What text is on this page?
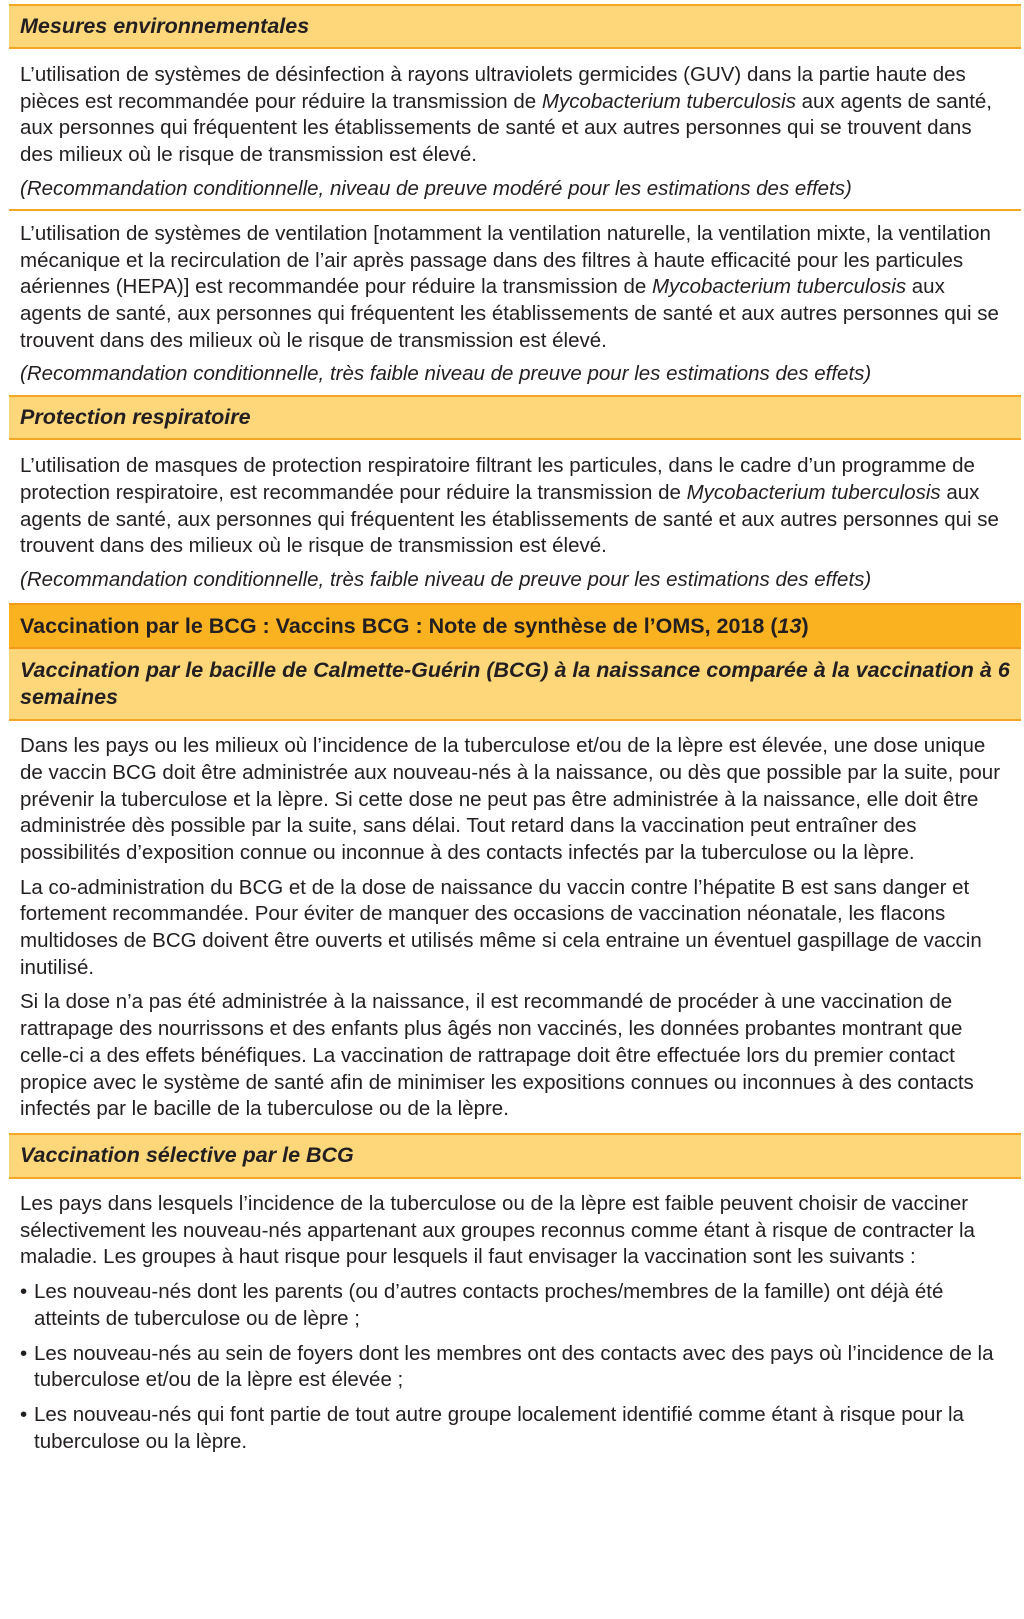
Mesures environnementales

L’utilisation de systèmes de désinfection à rayons ultraviolets germicides (GUV) dans la partie haute des pièces est recommandée pour réduire la transmission de Mycobacterium tuberculosis aux agents de santé, aux personnes qui fréquentent les établissements de santé et aux autres personnes qui se trouvent dans des milieux où le risque de transmission est élevé.

(Recommandation conditionnelle, niveau de preuve modéré pour les estimations des effets)

L’utilisation de systèmes de ventilation [notamment la ventilation naturelle, la ventilation mixte, la ventilation mécanique et la recirculation de l’air après passage dans des filtres à haute efficacité pour les particules aériennes (HEPA)] est recommandée pour réduire la transmission de Mycobacterium tuberculosis aux agents de santé, aux personnes qui fréquentent les établissements de santé et aux autres personnes qui se trouvent dans des milieux où le risque de transmission est élevé.

(Recommandation conditionnelle, très faible niveau de preuve pour les estimations des effets)

Protection respiratoire

L’utilisation de masques de protection respiratoire filtrant les particules, dans le cadre d’un programme de protection respiratoire, est recommandée pour réduire la transmission de Mycobacterium tuberculosis aux agents de santé, aux personnes qui fréquentent les établissements de santé et aux autres personnes qui se trouvent dans des milieux où le risque de transmission est élevé.

(Recommandation conditionnelle, très faible niveau de preuve pour les estimations des effets)

Vaccination par le BCG : Vaccins BCG : Note de synthèse de l’OMS, 2018 (13)
Vaccination par le bacille de Calmette-Guérin (BCG) à la naissance comparée à la vaccination à 6 semaines

Dans les pays ou les milieux où l’incidence de la tuberculose et/ou de la lèpre est élevée, une dose unique de vaccin BCG doit être administrée aux nouveau-nés à la naissance, ou dès que possible par la suite, pour prévenir la tuberculose et la lèpre. Si cette dose ne peut pas être administrée à la naissance, elle doit être administrée dès possible par la suite, sans délai. Tout retard dans la vaccination peut entraîner des possibilités d’exposition connue ou inconnue à des contacts infectés par la tuberculose ou la lèpre.

La co-administration du BCG et de la dose de naissance du vaccin contre l’hépatite B est sans danger et fortement recommandée. Pour éviter de manquer des occasions de vaccination néonatale, les flacons multidoses de BCG doivent être ouverts et utilisés même si cela entraine un éventuel gaspillage de vaccin inutilisé.

Si la dose n’a pas été administrée à la naissance, il est recommandé de procéder à une vaccination de rattrapage des nourrissons et des enfants plus âgés non vaccinés, les données probantes montrant que celle-ci a des effets bénéfiques. La vaccination de rattrapage doit être effectuée lors du premier contact propice avec le système de santé afin de minimiser les expositions connues ou inconnues à des contacts infectés par le bacille de la tuberculose ou de la lèpre.

Vaccination sélective par le BCG

Les pays dans lesquels l’incidence de la tuberculose ou de la lèpre est faible peuvent choisir de vacciner sélectivement les nouveau-nés appartenant aux groupes reconnus comme étant à risque de contracter la maladie. Les groupes à haut risque pour lesquels il faut envisager la vaccination sont les suivants :

• Les nouveau-nés dont les parents (ou d’autres contacts proches/membres de la famille) ont déjà été atteints de tuberculose ou de lèpre ;
• Les nouveau-nés au sein de foyers dont les membres ont des contacts avec des pays où l’incidence de la tuberculose et/ou de la lèpre est élevée ;
• Les nouveau-nés qui font partie de tout autre groupe localement identifié comme étant à risque pour la tuberculose ou la lèpre.
